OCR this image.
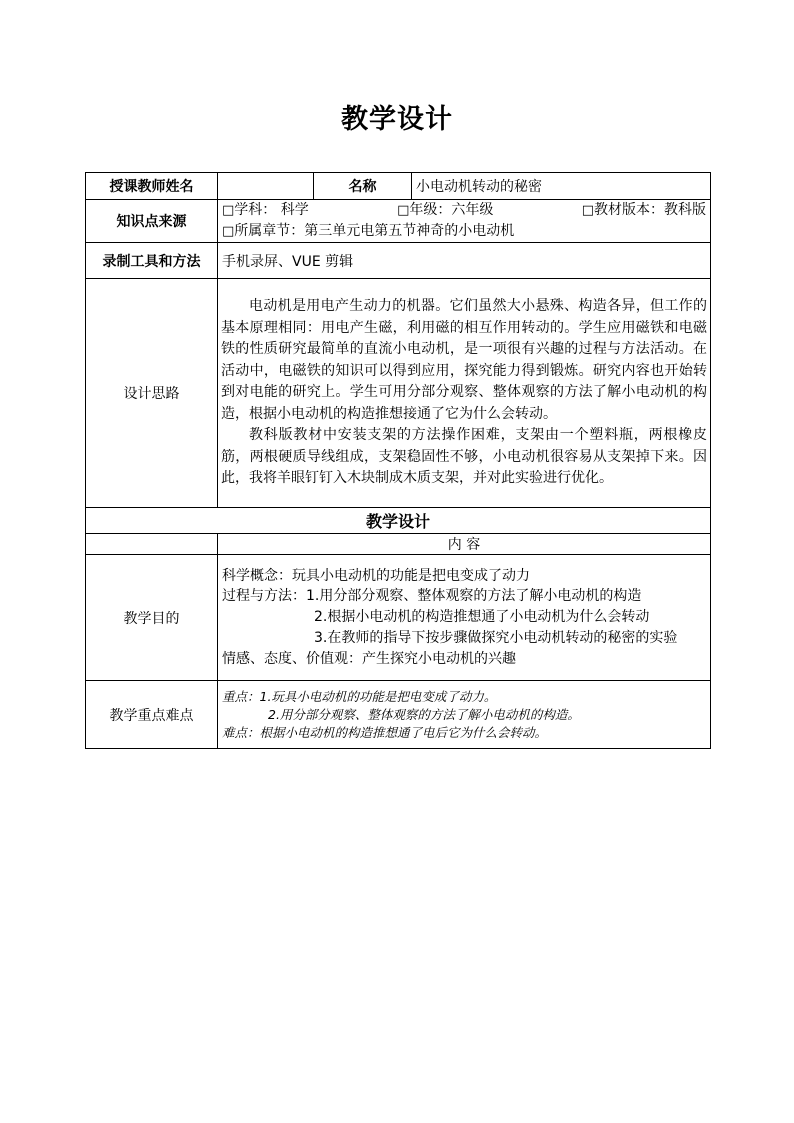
教学设计
授课教师姓名		名称	小电动机转动的秘密
知识点来源	□学科： 科学 □年级：六年级 □教材版本：教科版
□所属章节：第三单元电第五节神奇的小电动机		

录制工具和方法	手机录屏、VUE 剪辑		
设计思路	电动机是用电产生动力的机器。它们虽然大小悬殊、构造各异，但工作的基本原理相同：用电产生磁，利用磁的相互作用转动的。学生应用磁铁和电磁铁的性质研究最简单的直流小电动机，是一项很有兴趣的过程与方法活动。在活动中，电磁铁的知识可以得到应用，探究能力得到锻炼。研究内容也开始转到对电能的研究上。学生可用分部分观察、整体观察的方法了解小电动机的构造，根据小电动机的构造推想接通了它为什么会转动。
教科版教材中安装支架的方法操作困难，支架由一个塑料瓶，两根橡皮筋，两根硬质导线组成，支架稳固性不够，小电动机很容易从支架掉下来。因此，我将羊眼钉钉入木块制成木质支架，并对此实验进行优化。		

教学设计			
	内 容		
教学目的	科学概念：玩具小电动机的功能是把电变成了动力
过程与方法：1.用分部分观察、整体观察的方法了解小电动机的构造
2.根据小电动机的构造推想通了小电动机为什么会转动
3.在教师的指导下按步骤做探究小电动机转动的秘密的实验
情感、态度、价值观：产生探究小电动机的兴趣		

教学重点难点	重点：1.玩具小电动机的功能是把电变成了动力。
2.用分部分观察、整体观察的方法了解小电动机的构造。
难点：根据小电动机的构造推想通了电后它为什么会转动。		
